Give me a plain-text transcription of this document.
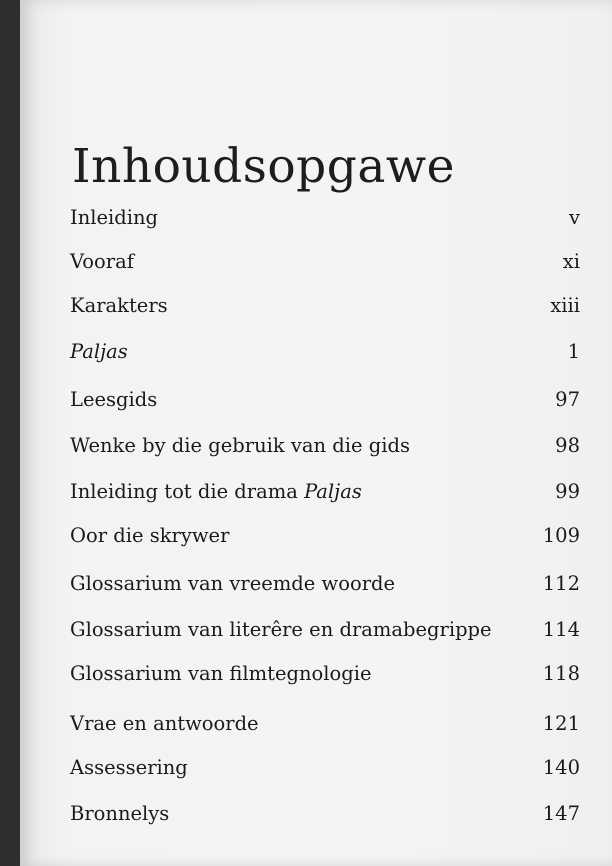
Inhoudsopgawe
Inleiding	v
Vooraf	xi
Karakters	xiii
Paljas	1
Leesgids	97
Wenke by die gebruik van die gids	98
Inleiding tot die drama Paljas	99
Oor die skrywer	109
Glossarium van vreemde woorde	112
Glossarium van literêre en dramabegrippe	114
Glossarium van filmtegnologie	118
Vrae en antwoorde	121
Assessering	140
Bronnelys	147
